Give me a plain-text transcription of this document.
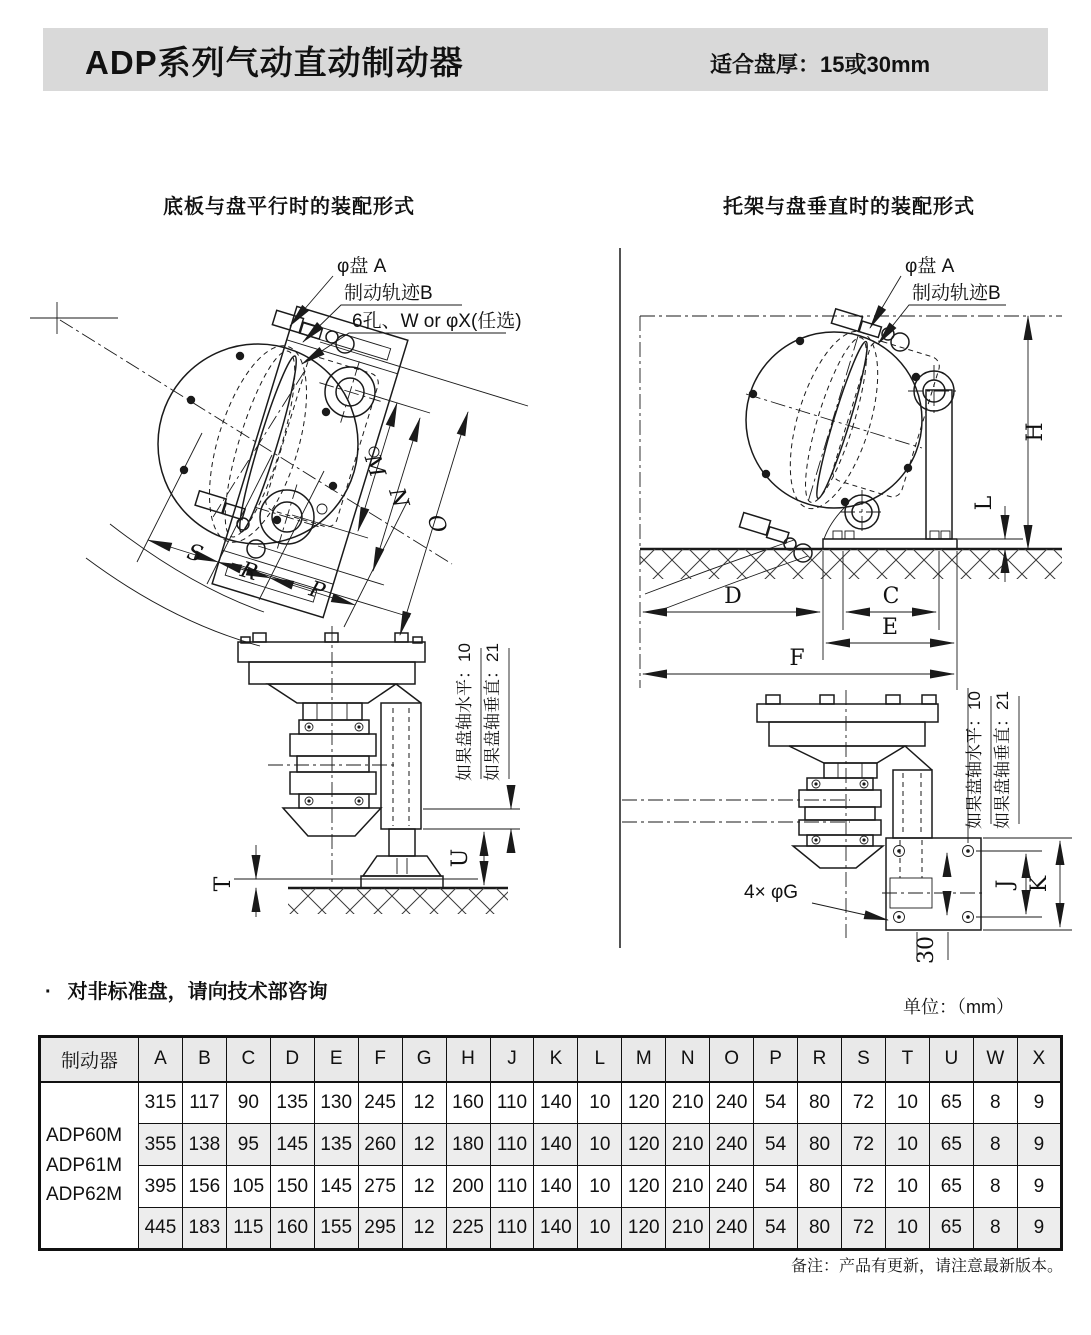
ADP系列气动直动制动器	适合盘厚：15或30mm
底板与盘平行时的装配形式	托架与盘垂直时的装配形式
φ盘 A
制动轨迹B
6孔、W or φX(任选)
M
N
O
S
R
P
T
U
如果盘轴水平：10 如果盘轴垂直：21
φ盘 A
制动轨迹B
H
L
D	C
E
F
4× φG	J K
30
如果盘轴水平：10 如果盘轴垂直：21
· 对非标准盘，请向技术部咨询
单位：（mm）
制动器	A	B	C	D	E	F	G	H	J	K	L	M	N	O	P	R	S	T	U	W	X

ADP60M
ADP61M
ADP62M	315	117	90	135	130	245	12	160	110	140	10	120	210	240	54	80	72	10	65	8	9
	355	138	95	145	135	260	12	180	110	140	10	120	210	240	54	80	72	10	65	8	9
	395	156	105	150	145	275	12	200	110	140	10	120	210	240	54	80	72	10	65	8	9
	445	183	115	160	155	295	12	225	110	140	10	120	210	240	54	80	72	10	65	8	9
备注：产品有更新，请注意最新版本。
